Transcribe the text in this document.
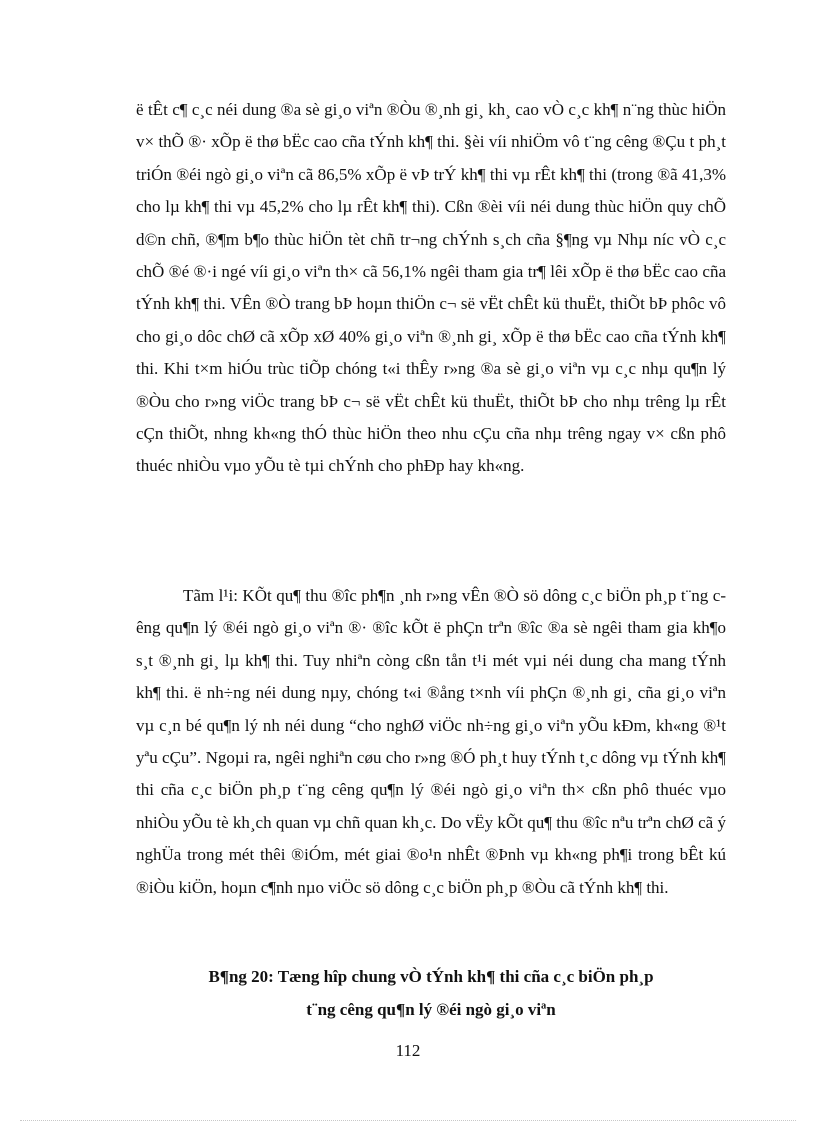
ë tÊt c¶ c¸c néi dung ®a sè gi¸o viªn ®Òu ®¸nh gi¸ kh¸ cao vÒ c¸c kh¶ n¨ng thùc hiÖn v× thÕ ®· xÕp ë thø bËc cao cña tÝnh kh¶ thi. §èi víi nhiÖm vô t¨ng cêng ®Çu t ph¸t triÓn ®éi ngò gi¸o viªn cã 86,5% xÕp ë vÞ trÝ kh¶ thi vµ rÊt kh¶ thi (trong ®ã 41,3% cho lµ kh¶ thi vµ 45,2% cho lµ rÊt kh¶ thi). Cßn ®èi víi néi dung thùc hiÖn quy chÕ d©n chñ, ®¶m b¶o thùc hiÖn tèt chñ tr¬ng chÝnh s¸ch cña §¶ng vµ Nhµ níc vÒ c¸c chÕ ®é ®·i ngé víi gi¸o viªn th× cã 56,1% ngêi tham gia tr¶ lêi xÕp ë thø bËc cao cña tÝnh kh¶ thi. VÊn ®Ò trang bÞ hoµn thiÖn c¬ së vËt chÊt kü thuËt, thiÕt bÞ phôc vô cho gi¸o dôc chØ cã xÕp xØ 40% gi¸o viªn ®¸nh gi¸ xÕp ë thø bËc cao cña tÝnh kh¶ thi. Khi t×m hiÓu trùc tiÕp chóng t«i thÊy r»ng ®a sè gi¸o viªn vµ c¸c nhµ qu¶n lý ®Òu cho r»ng viÖc trang bÞ c¬ së vËt chÊt kü thuËt, thiÕt bÞ cho nhµ trêng lµ rÊt cÇn thiÕt, nhng kh«ng thÓ thùc hiÖn theo nhu cÇu cña nhµ trêng ngay v× cßn phô thuéc nhiÒu vµo yÕu tè tµi chÝnh cho phÐp hay kh«ng.

Tãm l¹i: KÕt qu¶ thu ®îc ph¶n ¸nh r»ng vÊn ®Ò sö dông c¸c biÖn ph¸p t¨ng cêng qu¶n lý ®éi ngò gi¸o viªn ®· ®îc kÕt ë phÇn trªn ®îc ®a sè ngêi tham gia kh¶o s¸t ®¸nh gi¸ lµ kh¶ thi. Tuy nhiªn còng cßn tån t¹i mét vµi néi dung cha mang tÝnh kh¶ thi. ë nh÷ng néi dung nµy, chóng t«i ®ång t×nh víi phÇn ®¸nh gi¸ cña gi¸o viªn vµ c¸n bé qu¶n lý nh néi dung “cho nghØ viÖc nh÷ng gi¸o viªn yÕu kÐm, kh«ng ®¹t yªu cÇu”. Ngoµi ra, ngêi nghiªn cøu cho r»ng ®Ó ph¸t huy tÝnh t¸c dông vµ tÝnh kh¶ thi cña c¸c biÖn ph¸p t¨ng cêng qu¶n lý ®éi ngò gi¸o viªn th× cßn phô thuéc vµo nhiÒu yÕu tè kh¸ch quan vµ chñ quan kh¸c. Do vËy kÕt qu¶ thu ®îc nªu trªn chØ cã ý nghÜa trong mét thêi ®iÓm, mét giai ®o¹n nhÊt ®Þnh vµ kh«ng ph¶i trong bÊt kú ®iÒu kiÖn, hoµn c¶nh nµo viÖc sö dông c¸c biÖn ph¸p ®Òu cã tÝnh kh¶ thi.

B¶ng 20: Tæng hîp chung vÒ tÝnh kh¶ thi cña c¸c biÖn ph¸p

t¨ng cêng qu¶n lý ®éi ngò gi¸o viªn

112
